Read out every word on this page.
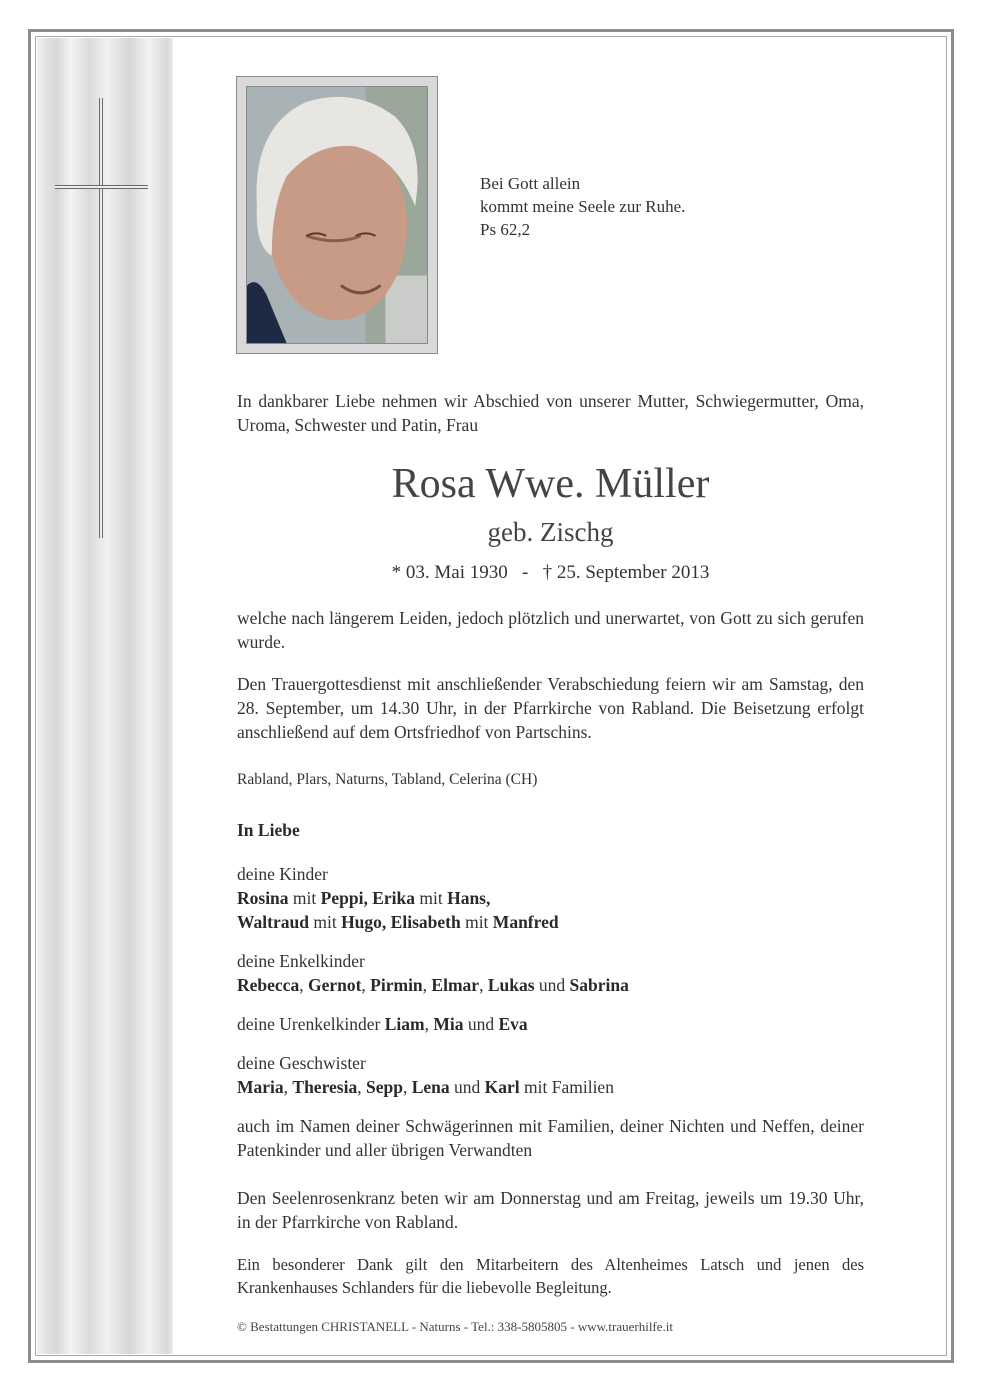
Bei Gott allein
kommt meine Seele zur Ruhe.
Ps 62,2
In dankbarer Liebe nehmen wir Abschied von unserer Mutter, Schwiegermutter, Oma, Uroma, Schwester und Patin, Frau
Rosa Wwe. Müller
geb. Zischg
* 03. Mai 1930 - † 25. September 2013
welche nach längerem Leiden, jedoch plötzlich und unerwartet, von Gott zu sich gerufen wurde.
Den Trauergottesdienst mit anschließender Verabschiedung feiern wir am Samstag, den 28. September, um 14.30 Uhr, in der Pfarrkirche von Rabland. Die Beisetzung erfolgt anschließend auf dem Ortsfriedhof von Partschins.
Rabland, Plars, Naturns, Tabland, Celerina (CH)
In Liebe
deine Kinder
Rosina mit Peppi, Erika mit Hans,
Waltraud mit Hugo, Elisabeth mit Manfred
deine Enkelkinder
Rebecca, Gernot, Pirmin, Elmar, Lukas und Sabrina
deine Urenkelkinder Liam, Mia und Eva
deine Geschwister
Maria, Theresia, Sepp, Lena und Karl mit Familien
auch im Namen deiner Schwägerinnen mit Familien, deiner Nichten und Neffen, deiner Patenkinder und aller übrigen Verwandten
Den Seelenrosenkranz beten wir am Donnerstag und am Freitag, jeweils um 19.30 Uhr, in der Pfarrkirche von Rabland.
Ein besonderer Dank gilt den Mitarbeitern des Altenheimes Latsch und jenen des Krankenhauses Schlanders für die liebevolle Begleitung.
© Bestattungen CHRISTANELL - Naturns - Tel.: 338-5805805 - www.trauerhilfe.it
